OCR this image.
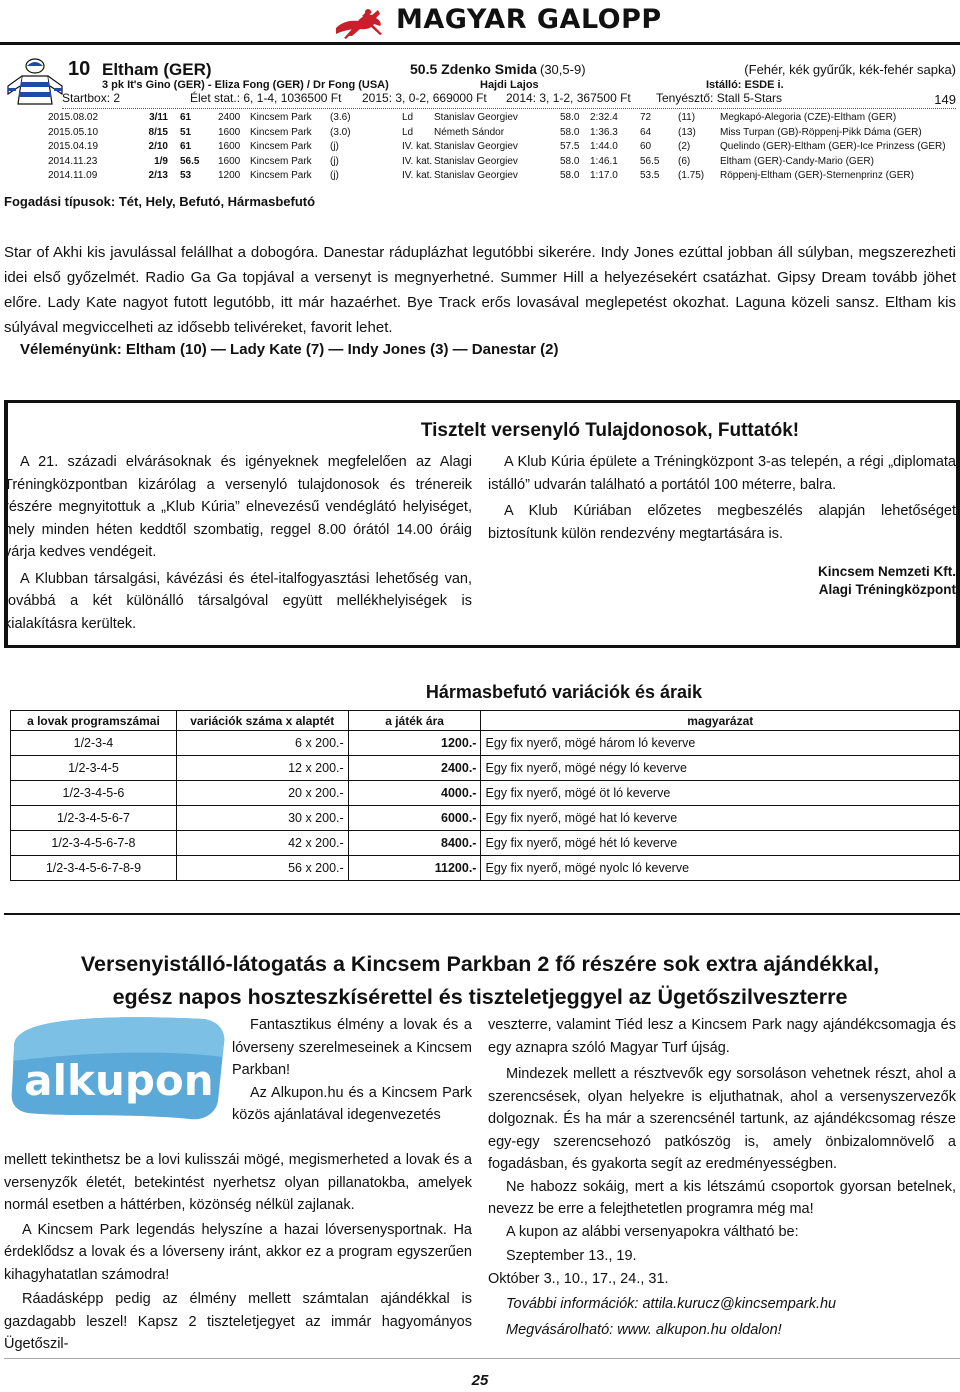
MAGYAR GALOPP
10 Eltham (GER)	50.5 Zdenko Smida (30,5-9)	(Fehér, kék gyűrűk, kék-fehér sapka)
3 pk It's Gino (GER) - Eliza Fong (GER) / Dr Fong (USA)	Hajdi Lajos	Istálló: ESDE i.
Startbox: 2	Élet stat.: 6, 1-4, 1036500 Ft 2015: 3, 0-2, 669000 Ft 2014: 3, 1-2, 367500 Ft Tenyésztő: Stall 5-Stars	149
2015.08.02	3/11	61	2400	Kincsem Park	(3.6)	Ld	Stanislav Georgiev	58.0	2:32.4	72	(11)	Megkapó-Alegoria (CZE)-Eltham (GER)
2015.05.10	8/15	51	1600	Kincsem Park	(3.0)	Ld	Németh Sándor	58.0	1:36.3	64	(13)	Miss Turpan (GB)-Röppenj-Pikk Dáma (GER)
2015.04.19	2/10	61	1600	Kincsem Park	(j)	IV. kat.	Stanislav Georgiev	57.5	1:44.0	60	(2)	Quelindo (GER)-Eltham (GER)-Ice Prinzess (GER)
2014.11.23	1/9	56.5	1600	Kincsem Park	(j)	IV. kat.	Stanislav Georgiev	58.0	1:46.1	56.5	(6)	Eltham (GER)-Candy-Mario (GER)
2014.11.09	2/13	53	1200	Kincsem Park	(j)	IV. kat.	Stanislav Georgiev	58.0	1:17.0	53.5	(1.75)	Röppenj-Eltham (GER)-Sternenprinz (GER)
Fogadási típusok: Tét, Hely, Befutó, Hármasbefutó
Star of Akhi kis javulással felállhat a dobogóra. Danestar ráduplázhat legutóbbi sikerére. Indy Jones ezúttal jobban áll súlyban, megszerezheti idei első győzelmét. Radio Ga Ga topjával a versenyt is megnyerhetné. Summer Hill a helyezésekért csatázhat. Gipsy Dream tovább jöhet előre. Lady Kate nagyot futott legutóbb, itt már hazaérhet. Bye Track erős lovasával meglepetést okozhat. Laguna közeli sansz. Eltham kis súlyával megviccelheti az idősebb telivéreket, favorit lehet.
Véleményünk: Eltham (10) — Lady Kate (7) — Indy Jones (3) — Danestar (2)
Tisztelt versenyló Tulajdonosok, Futtatók!

A 21. századi elvárásoknak és igényeknek megfelelően az Alagi Tréningközpontban kizárólag a versenyló tulajdonosok és trénereik részére megnyitottuk a „Klub Kúria” elnevezésű vendéglátó helyiséget, mely minden héten keddtől szombatig, reggel 8.00 órától 14.00 óráig várja kedves vendégeit.

A Klubban társalgási, kávézási és étel-italfogyasztási lehetőség van, továbbá a két különálló társalgóval együtt mellékhelyiségek is kialakításra kerültek.

A Klub Kúria épülete a Tréningközpont 3-as telepén, a régi „diplomata istálló” udvarán található a portától 100 méterre, balra.

A Klub Kúriában előzetes megbeszélés alapján lehetőséget biztosítunk külön rendezvény megtartására is.

Kincsem Nemzeti Kft.
Alagi Tréningközpont
Hármasbefutó variációk és áraik
a lovak programszámai	variációk száma x alaptét	a játék ára	magyarázat
1/2-3-4	6 x 200.-	1200.-	Egy fix nyerő, mögé három ló keverve
1/2-3-4-5	12 x 200.-	2400.-	Egy fix nyerő, mögé négy ló keverve
1/2-3-4-5-6	20 x 200.-	4000.-	Egy fix nyerő, mögé öt ló keverve
1/2-3-4-5-6-7	30 x 200.-	6000.-	Egy fix nyerő, mögé hat ló keverve
1/2-3-4-5-6-7-8	42 x 200.-	8400.-	Egy fix nyerő, mögé hét ló keverve
1/2-3-4-5-6-7-8-9	56 x 200.-	11200.-	Egy fix nyerő, mögé nyolc ló keverve
Versenyistálló-látogatás a Kincsem Parkban 2 fő részére sok extra ajándékkal,
egész napos hoszteszkísérettel és tiszteletjeggyel az Ügetőszilveszterre
alkupon

Fantasztikus élmény a lovak és a lóverseny szerelmeseinek a Kincsem Parkban!

Az Alkupon.hu és a Kincsem Park közös ajánlatával idegenvezetés

mellett tekinthetsz be a lovi kulisszái mögé, megismerheted a lovak és a versenyzők életét, betekintést nyerhetsz olyan pillanatokba, amelyek normál esetben a háttérben, közönség nélkül zajlanak.

A Kincsem Park legendás helyszíne a hazai lóversenysportnak. Ha érdeklődsz a lovak és a lóverseny iránt, akkor ez a program egyszerűen kihagyhatatlan számodra!

Ráadásképp pedig az élmény mellett számtalan ajándékkal is gazdagabb leszel! Kapsz 2 tiszteletjegyet az immár hagyományos Ügetőszil-

veszterre, valamint Tiéd lesz a Kincsem Park nagy ajándékcsomagja és egy aznapra szóló Magyar Turf újság.

Mindezek mellett a résztvevők egy sorsoláson vehetnek részt, ahol a szerencsések, olyan helyekre is eljuthatnak, ahol a versenyszervezők dolgoznak. És ha már a szerencsénél tartunk, az ajándékcsomag része egy-egy szerencsehozó patkószög is, amely önbizalomnövelő a fogadásban, és gyakorta segít az eredményességben.

Ne habozz sokáig, mert a kis létszámú csoportok gyorsan betelnek, nevezz be erre a felejthetetlen programra még ma!

A kupon az alábbi versenyapokra váltható be:

Szeptember 13., 19.

Október 3., 10., 17., 24., 31.

További információk: attila.kurucz@kincsempark.hu

Megvásárolható: www. alkupon.hu oldalon!

25
